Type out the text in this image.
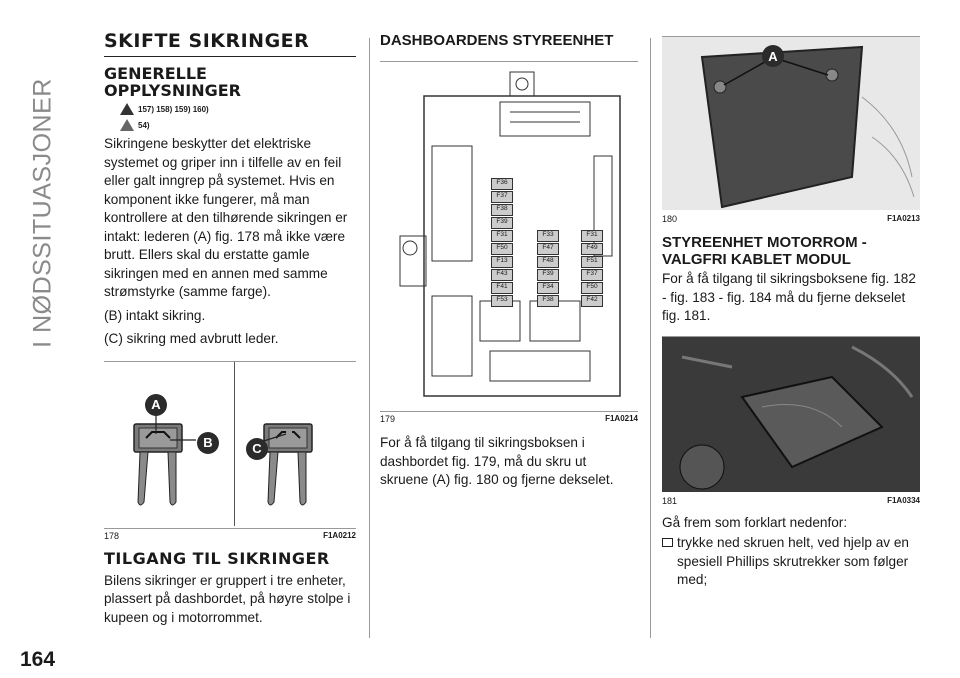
I NØDSSITUASJONER
164
SKIFTE SIKRINGER
GENERELLE
OPPLYSNINGER
157) 158) 159) 160)
54)

Sikringene beskytter det elektriske systemet og griper inn i tilfelle av en feil eller galt inngrep på systemet. Hvis en komponent ikke fungerer, må man kontrollere at den tilhørende sikringen er intakt: lederen (A) fig. 178 må ikke være brutt. Ellers skal du erstatte gamle sikringen med en annen med samme strømstyrke (samme farge).

(B) intakt sikring.

(C) sikring med avbrutt leder.

A
B	C
178	F1A0212
TILGANG TIL SIKRINGER

Bilens sikringer er gruppert i tre enheter, plassert på dashbordet, på høyre stolpe i kupeen og i motorrommet.

DASHBOARDENS STYREENHET
F36
F37
F38
F39
F31
F50
F13
F43
F41
F53
F33
F47
F48
F39
F34
F38
F31
F49
F51
F37
F50
F42
179	F1A0214

For å få tilgang til sikringsboksen i dashbordet fig. 179, må du skru ut skruene (A) fig. 180 og fjerne dekselet.

A
180	F1A0213
STYREENHET MOTORROM - VALGFRI KABLET MODUL

For å få tilgang til sikringsboksene fig. 182 - fig. 183 - fig. 184 må du fjerne dekselet fig. 181.

181	F1A0334

Gå frem som forklart nedenfor:

trykke ned skruen helt, ved hjelp av en spesiell Phillips skrutrekker som følger med;
